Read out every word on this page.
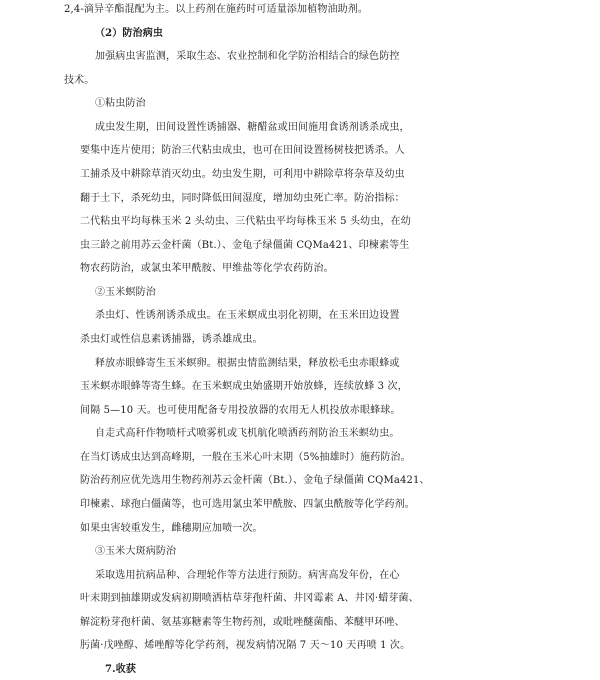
2,4-滴异辛酯混配为主。以上药剂在施药时可适量添加植物油助剂。
（2）防治病虫
加强病虫害监测，采取生态、农业控制和化学防治相结合的绿色防控
技术。
①粘虫防治
成虫发生期，田间设置性诱捕器、糖醋盆或田间施用食诱剂诱杀成虫，
要集中连片使用；防治三代粘虫成虫，也可在田间设置杨树枝把诱杀。人
工捕杀及中耕除草消灭幼虫。幼虫发生期，可利用中耕除草将杂草及幼虫
翻于土下，杀死幼虫，同时降低田间湿度，增加幼虫死亡率。防治指标：
二代粘虫平均每株玉米 2 头幼虫、三代粘虫平均每株玉米 5 头幼虫，在幼
虫三龄之前用苏云金杆菌（Bt.）、金龟子绿僵菌 CQMa421、印楝素等生
物农药防治，或氯虫苯甲酰胺、甲维盐等化学农药防治。
②玉米螟防治
杀虫灯、性诱剂诱杀成虫。在玉米螟成虫羽化初期，在玉米田边设置
杀虫灯或性信息素诱捕器，诱杀雄成虫。
释放赤眼蜂寄生玉米螟卵。根据虫情监测结果，释放松毛虫赤眼蜂或
玉米螟赤眼蜂等寄生蜂。在玉米螟成虫始盛期开始放蜂，连续放蜂 3 次，
间隔 5—10 天。也可使用配备专用投放器的农用无人机投放赤眼蜂球。
自走式高秆作物喷杆式喷雾机或飞机航化喷洒药剂防治玉米螟幼虫。
在当灯诱成虫达到高峰期，一般在玉米心叶末期（5%抽雄时）施药防治。
防治药剂应优先选用生物药剂苏云金杆菌（Bt.）、金龟子绿僵菌 CQMa421、
印楝素、球孢白僵菌等，也可选用氯虫苯甲酰胺、四氯虫酰胺等化学药剂。
如果虫害较重发生，雌穗期应加喷一次。
③玉米大斑病防治
采取选用抗病品种、合理轮作等方法进行预防。病害高发年份，在心
叶末期到抽雄期或发病初期喷洒枯草芽孢杆菌、井冈霉素 A、井冈·蜡芽菌、
解淀粉芽孢杆菌、氨基寡糖素等生物药剂，或吡唑醚菌酯、苯醚甲环唑、
肟菌·戊唑醇、烯唑醇等化学药剂，视发病情况隔 7 天～10 天再喷 1 次。
7.收获
